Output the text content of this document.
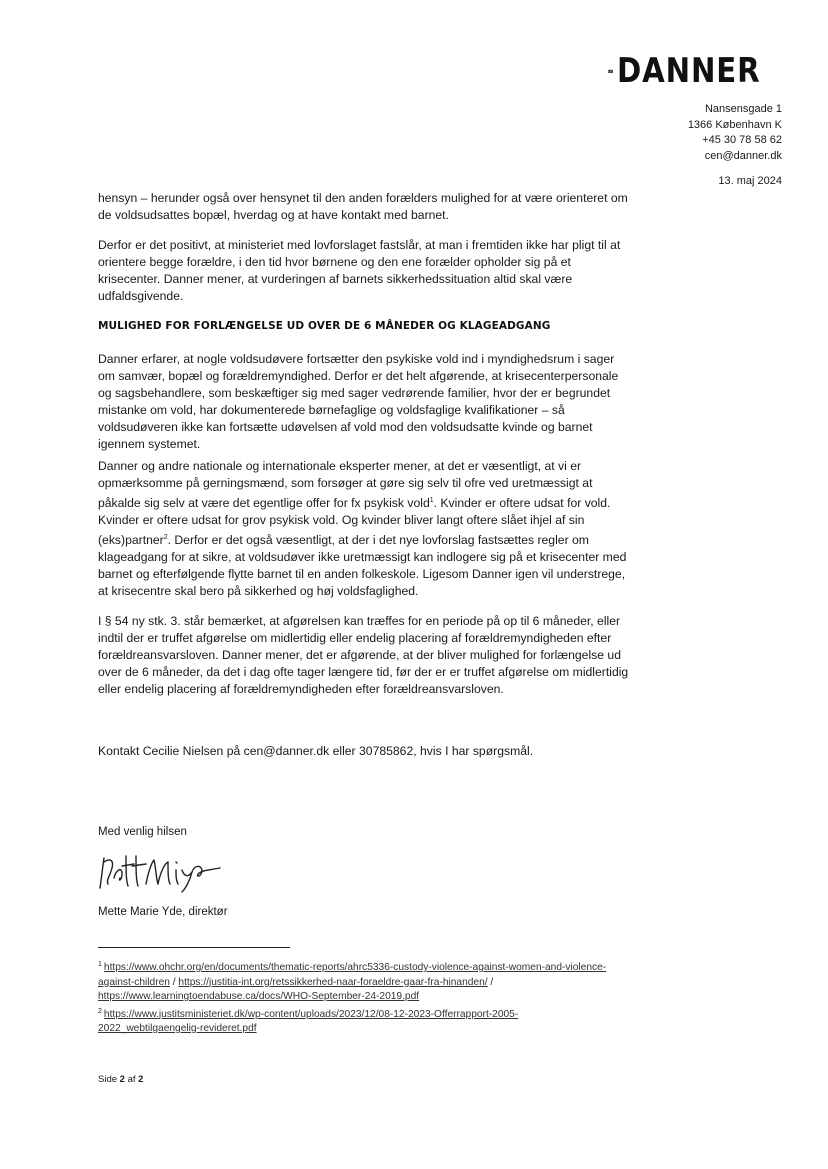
DANNER
Nansensgade 1
1366 København K
+45 30 78 58 62
cen@danner.dk
13. maj 2024

hensyn – herunder også over hensynet til den anden forælders mulighed for at være orienteret om de voldsudsattes bopæl, hverdag og at have kontakt med barnet.

Derfor er det positivt, at ministeriet med lovforslaget fastslår, at man i fremtiden ikke har pligt til at orientere begge forældre, i den tid hvor børnene og den ene forælder opholder sig på et krisecenter. Danner mener, at vurderingen af barnets sikkerhedssituation altid skal være udfaldsgivende.

MULIGHED FOR FORLÆNGELSE UD OVER DE 6 MÅNEDER OG KLAGEADGANG

Danner erfarer, at nogle voldsudøvere fortsætter den psykiske vold ind i myndighedsrum i sager om samvær, bopæl og forældremyndighed. Derfor er det helt afgørende, at krisecenterpersonale og sagsbehandlere, som beskæftiger sig med sager vedrørende familier, hvor der er begrundet mistanke om vold, har dokumenterede børnefaglige og voldsfaglige kvalifikationer – så voldsudøveren ikke kan fortsætte udøvelsen af vold mod den voldsudsatte kvinde og barnet igennem systemet.

Danner og andre nationale og internationale eksperter mener, at det er væsentligt, at vi er opmærksomme på gerningsmænd, som forsøger at gøre sig selv til ofre ved uretmæssigt at påkalde sig selv at være det egentlige offer for fx psykisk vold$^1$. Kvinder er oftere udsat for vold. Kvinder er oftere udsat for grov psykisk vold. Og kvinder bliver langt oftere slået ihjel af sin (eks)partner$^2$. Derfor er det også væsentligt, at der i det nye lovforslag fastsættes regler om klageadgang for at sikre, at voldsudøver ikke uretmæssigt kan indlogere sig på et krisecenter med barnet og efterfølgende flytte barnet til en anden folkeskole. Ligesom Danner igen vil understrege, at krisecentre skal bero på sikkerhed og høj voldsfaglighed.

I § 54 ny stk. 3. står bemærket, at afgørelsen kan træffes for en periode på op til 6 måneder, eller indtil der er truffet afgørelse om midlertidig eller endelig placering af forældremyndigheden efter forældreansvarsloven. Danner mener, det er afgørende, at der bliver mulighed for forlængelse ud over de 6 måneder, da det i dag ofte tager længere tid, før der er er truffet afgørelse om midlertidig eller endelig placering af forældremyndigheden efter forældreansvarsloven.

Kontakt Cecilie Nielsen på cen@danner.dk eller 30785862, hvis I har spørgsmål.
Med venlig hilsen
Mette Marie Yde, direktør

$^1$ https://www.ohchr.org/en/documents/thematic-reports/ahrc5336-custody-violence-against-women-and-violence-against-children / https://justitia-int.org/retssikkerhed-naar-foraeldre-gaar-fra-hinanden/ / https://www.learningtoendabuse.ca/docs/WHO-September-24-2019.pdf

$^2$ https://www.justitsministeriet.dk/wp-content/uploads/2023/12/08-12-2023-Offerrapport-2005-2022_webtilgaengelig-revideret.pdf

Side 2 af 2
